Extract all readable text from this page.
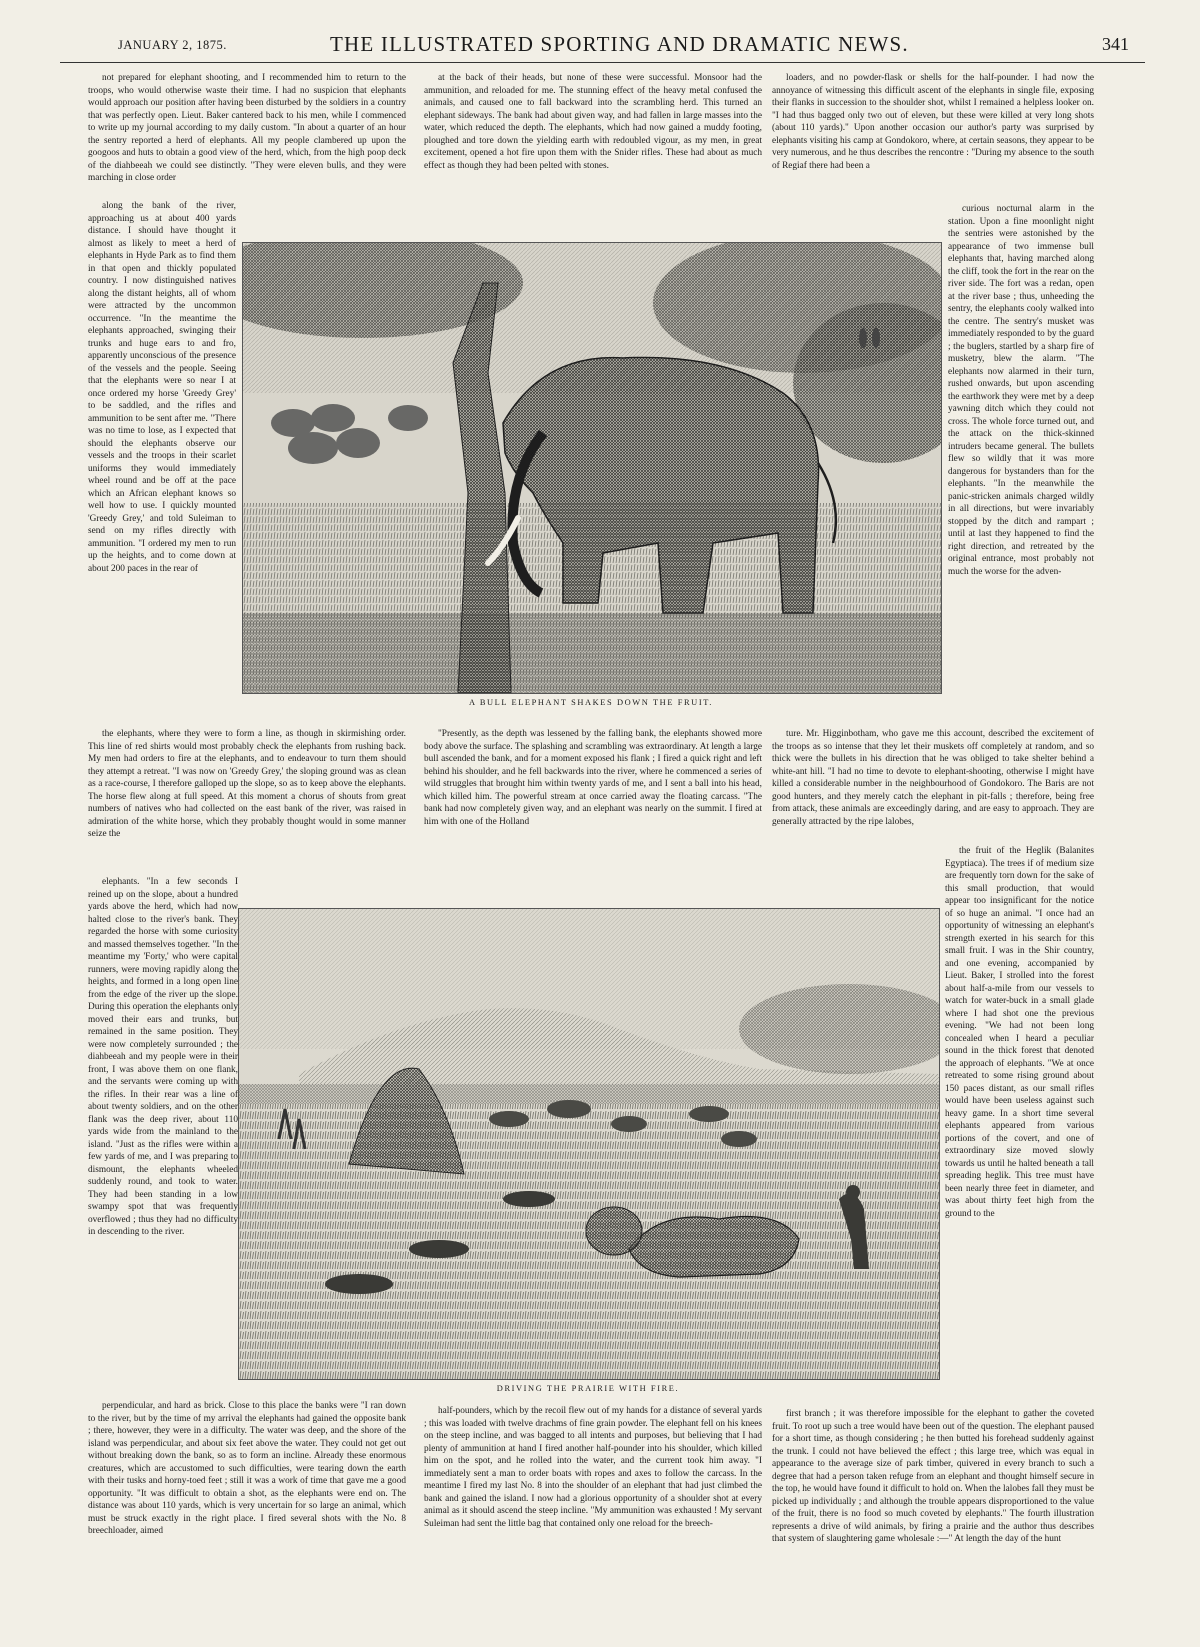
JANUARY 2, 1875.	THE ILLUSTRATED SPORTING AND DRAMATIC NEWS.	341

not prepared for elephant shooting, and I recommended him to return to the troops, who would otherwise waste their time. I had no suspicion that elephants would approach our position after having been disturbed by the soldiers in a country that was perfectly open. Lieut. Baker cantered back to his men, while I commenced to write up my journal according to my daily custom. "In about a quarter of an hour the sentry reported a herd of elephants. All my people clambered up upon the googoos and huts to obtain a good view of the herd, which, from the high poop deck of the diahbeeah we could see distinctly. "They were eleven bulls, and they were marching in close order

at the back of their heads, but none of these were successful. Monsoor had the ammunition, and reloaded for me. The stunning effect of the heavy metal confused the animals, and caused one to fall backward into the scrambling herd. This turned an elephant sideways. The bank had about given way, and had fallen in large masses into the water, which reduced the depth. The elephants, which had now gained a muddy footing, ploughed and tore down the yielding earth with redoubled vigour, as my men, in great excitement, opened a hot fire upon them with the Snider rifles. These had about as much effect as though they had been pelted with stones.

loaders, and no powder-flask or shells for the half-pounder. I had now the annoyance of witnessing this difficult ascent of the elephants in single file, exposing their flanks in succession to the shoulder shot, whilst I remained a helpless looker on. "I had thus bagged only two out of eleven, but these were killed at very long shots (about 110 yards)." Upon another occasion our author's party was surprised by elephants visiting his camp at Gondokoro, where, at certain seasons, they appear to be very numerous, and he thus describes the rencontre : "During my absence to the south of Regiaf there had been a

along the bank of the river, approaching us at about 400 yards distance. I should have thought it almost as likely to meet a herd of elephants in Hyde Park as to find them in that open and thickly populated country. I now distinguished natives along the distant heights, all of whom were attracted by the uncommon occurrence. "In the meantime the elephants approached, swinging their trunks and huge ears to and fro, apparently unconscious of the presence of the vessels and the people. Seeing that the elephants were so near I at once ordered my horse 'Greedy Grey' to be saddled, and the rifles and ammunition to be sent after me. "There was no time to lose, as I expected that should the elephants observe our vessels and the troops in their scarlet uniforms they would immediately wheel round and be off at the pace which an African elephant knows so well how to use. I quickly mounted 'Greedy Grey,' and told Suleiman to send on my rifles directly with ammunition. "I ordered my men to run up the heights, and to come down at about 200 paces in the rear of

curious nocturnal alarm in the station. Upon a fine moonlight night the sentries were astonished by the appearance of two immense bull elephants that, having marched along the cliff, took the fort in the rear on the river side. The fort was a redan, open at the river base ; thus, unheeding the sentry, the elephants cooly walked into the centre. The sentry's musket was immediately responded to by the guard ; the buglers, startled by a sharp fire of musketry, blew the alarm. "The elephants now alarmed in their turn, rushed onwards, but upon ascending the earthwork they were met by a deep yawning ditch which they could not cross. The whole force turned out, and the attack on the thick-skinned intruders became general. The bullets flew so wildly that it was more dangerous for bystanders than for the elephants. "In the meanwhile the panic-stricken animals charged wildly in all directions, but were invariably stopped by the ditch and rampart ; until at last they happened to find the right direction, and retreated by the original entrance, most probably not much the worse for the adven-

A BULL ELEPHANT SHAKES DOWN THE FRUIT.

the elephants, where they were to form a line, as though in skirmishing order. This line of red shirts would most probably check the elephants from rushing back. My men had orders to fire at the elephants, and to endeavour to turn them should they attempt a retreat. "I was now on 'Greedy Grey,' the sloping ground was as clean as a race-course, I therefore galloped up the slope, so as to keep above the elephants. The horse flew along at full speed. At this moment a chorus of shouts from great numbers of natives who had collected on the east bank of the river, was raised in admiration of the white horse, which they probably thought would in some manner seize the

"Presently, as the depth was lessened by the falling bank, the elephants showed more body above the surface. The splashing and scrambling was extraordinary. At length a large bull ascended the bank, and for a moment exposed his flank ; I fired a quick right and left behind his shoulder, and he fell backwards into the river, where he commenced a series of wild struggles that brought him within twenty yards of me, and I sent a ball into his head, which killed him. The powerful stream at once carried away the floating carcass. "The bank had now completely given way, and an elephant was nearly on the summit. I fired at him with one of the Holland

ture. Mr. Higginbotham, who gave me this account, described the excitement of the troops as so intense that they let their muskets off completely at random, and so thick were the bullets in his direction that he was obliged to take shelter behind a white-ant hill. "I had no time to devote to elephant-shooting, otherwise I might have killed a considerable number in the neighbourhood of Gondokoro. The Baris are not good hunters, and they merely catch the elephant in pit-falls ; therefore, being free from attack, these animals are exceedingly daring, and are easy to approach. They are generally attracted by the ripe lalobes,

elephants. "In a few seconds I reined up on the slope, about a hundred yards above the herd, which had now halted close to the river's bank. They regarded the horse with some curiosity and massed themselves together. "In the meantime my 'Forty,' who were capital runners, were moving rapidly along the heights, and formed in a long open line from the edge of the river up the slope. During this operation the elephants only moved their ears and trunks, but remained in the same position. They were now completely surrounded ; the diahbeeah and my people were in their front, I was above them on one flank, and the servants were coming up with the rifles. In their rear was a line of about twenty soldiers, and on the other flank was the deep river, about 110 yards wide from the mainland to the island. "Just as the rifles were within a few yards of me, and I was preparing to dismount, the elephants wheeled suddenly round, and took to water. They had been standing in a low swampy spot that was frequently overflowed ; thus they had no difficulty in descending to the river.

the fruit of the Heglik (Balanites Egyptiaca). The trees if of medium size are frequently torn down for the sake of this small production, that would appear too insignificant for the notice of so huge an animal. "I once had an opportunity of witnessing an elephant's strength exerted in his search for this small fruit. I was in the Shir country, and one evening, accompanied by Lieut. Baker, I strolled into the forest about half-a-mile from our vessels to watch for water-buck in a small glade where I had shot one the previous evening. "We had not been long concealed when I heard a peculiar sound in the thick forest that denoted the approach of elephants. "We at once retreated to some rising ground about 150 paces distant, as our small rifles would have been useless against such heavy game. In a short time several elephants appeared from various portions of the covert, and one of extraordinary size moved slowly towards us until he halted beneath a tall spreading heglik. This tree must have been nearly three feet in diameter, and was about thirty feet high from the ground to the

DRIVING THE PRAIRIE WITH FIRE.

perpendicular, and hard as brick. Close to this place the banks were "I ran down to the river, but by the time of my arrival the elephants had gained the opposite bank ; there, however, they were in a difficulty. The water was deep, and the shore of the island was perpendicular, and about six feet above the water. They could not get out without breaking down the bank, so as to form an incline. Already these enormous creatures, which are accustomed to such difficulties, were tearing down the earth with their tusks and horny-toed feet ; still it was a work of time that gave me a good opportunity. "It was difficult to obtain a shot, as the elephants were end on. The distance was about 110 yards, which is very uncertain for so large an animal, which must be struck exactly in the right place. I fired several shots with the No. 8 breechloader, aimed

half-pounders, which by the recoil flew out of my hands for a distance of several yards ; this was loaded with twelve drachms of fine grain powder. The elephant fell on his knees on the steep incline, and was bagged to all intents and purposes, but believing that I had plenty of ammunition at hand I fired another half-pounder into his shoulder, which killed him on the spot, and he rolled into the water, and the current took him away. "I immediately sent a man to order boats with ropes and axes to follow the carcass. In the meantime I fired my last No. 8 into the shoulder of an elephant that had just climbed the bank and gained the island. I now had a glorious opportunity of a shoulder shot at every animal as it should ascend the steep incline. "My ammunition was exhausted ! My servant Suleiman had sent the little bag that contained only one reload for the breech-

first branch ; it was therefore impossible for the elephant to gather the coveted fruit. To root up such a tree would have been out of the question. The elephant paused for a short time, as though considering ; he then butted his forehead suddenly against the trunk. I could not have believed the effect ; this large tree, which was equal in appearance to the average size of park timber, quivered in every branch to such a degree that had a person taken refuge from an elephant and thought himself secure in the top, he would have found it difficult to hold on. When the lalobes fall they must be picked up individually ; and although the trouble appears disproportioned to the value of the fruit, there is no food so much coveted by elephants." The fourth illustration represents a drive of wild animals, by firing a prairie and the author thus describes that system of slaughtering game wholesale :—" At length the day of the hunt
